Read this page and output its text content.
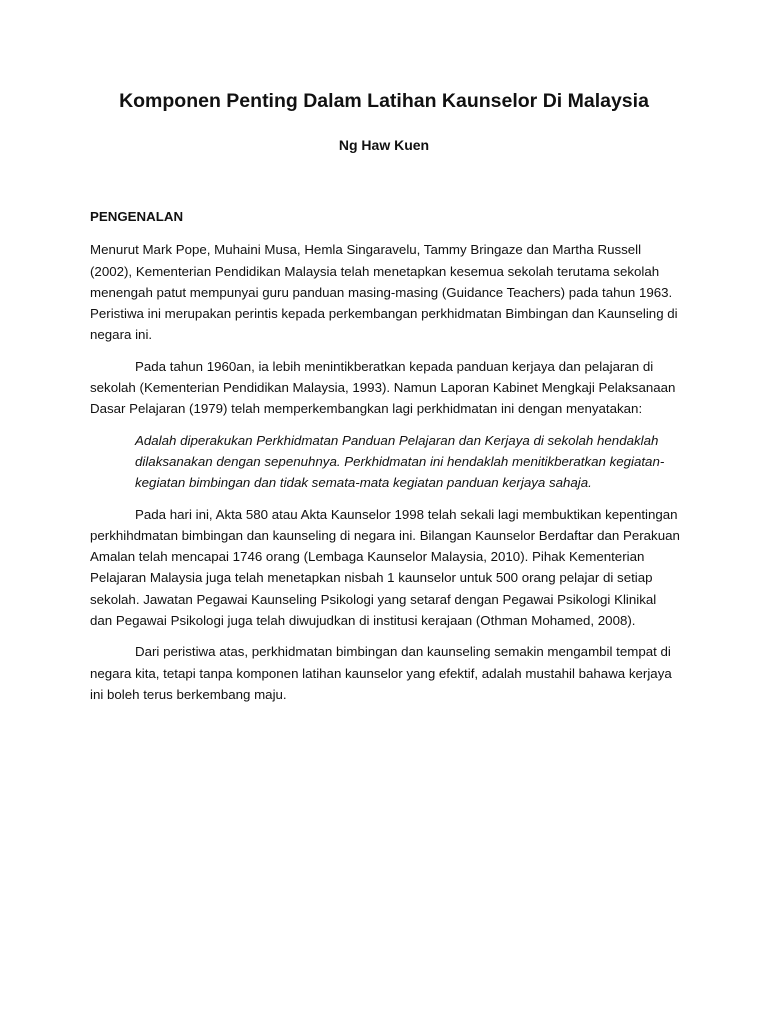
Komponen Penting Dalam Latihan Kaunselor Di Malaysia

Ng Haw Kuen

PENGENALAN

Menurut Mark Pope, Muhaini Musa, Hemla Singaravelu, Tammy Bringaze dan Martha Russell (2002), Kementerian Pendidikan Malaysia telah menetapkan kesemua sekolah terutama sekolah menengah patut mempunyai guru panduan masing-masing (Guidance Teachers) pada tahun 1963. Peristiwa ini merupakan perintis kepada perkembangan perkhidmatan Bimbingan dan Kaunseling di negara ini.

Pada tahun 1960an, ia lebih menintikberatkan kepada panduan kerjaya dan pelajaran di sekolah (Kementerian Pendidikan Malaysia, 1993). Namun Laporan Kabinet Mengkaji Pelaksanaan Dasar Pelajaran (1979) telah memperkembangkan lagi perkhidmatan ini dengan menyatakan:

Adalah diperakukan Perkhidmatan Panduan Pelajaran dan Kerjaya di sekolah hendaklah dilaksanakan dengan sepenuhnya. Perkhidmatan ini hendaklah menitikberatkan kegiatan-kegiatan bimbingan dan tidak semata-mata kegiatan panduan kerjaya sahaja.

Pada hari ini, Akta 580 atau Akta Kaunselor 1998 telah sekali lagi membuktikan kepentingan perkhihdmatan bimbingan dan kaunseling di negara ini. Bilangan Kaunselor Berdaftar dan Perakuan Amalan telah mencapai 1746 orang (Lembaga Kaunselor Malaysia, 2010). Pihak Kementerian Pelajaran Malaysia juga telah menetapkan nisbah 1 kaunselor untuk 500 orang pelajar di setiap sekolah. Jawatan Pegawai Kaunseling Psikologi yang setaraf dengan Pegawai Psikologi Klinikal dan Pegawai Psikologi juga telah diwujudkan di institusi kerajaan (Othman Mohamed, 2008).

Dari peristiwa atas, perkhidmatan bimbingan dan kaunseling semakin mengambil tempat di negara kita, tetapi tanpa komponen latihan kaunselor yang efektif, adalah mustahil bahawa kerjaya ini boleh terus berkembang maju.
